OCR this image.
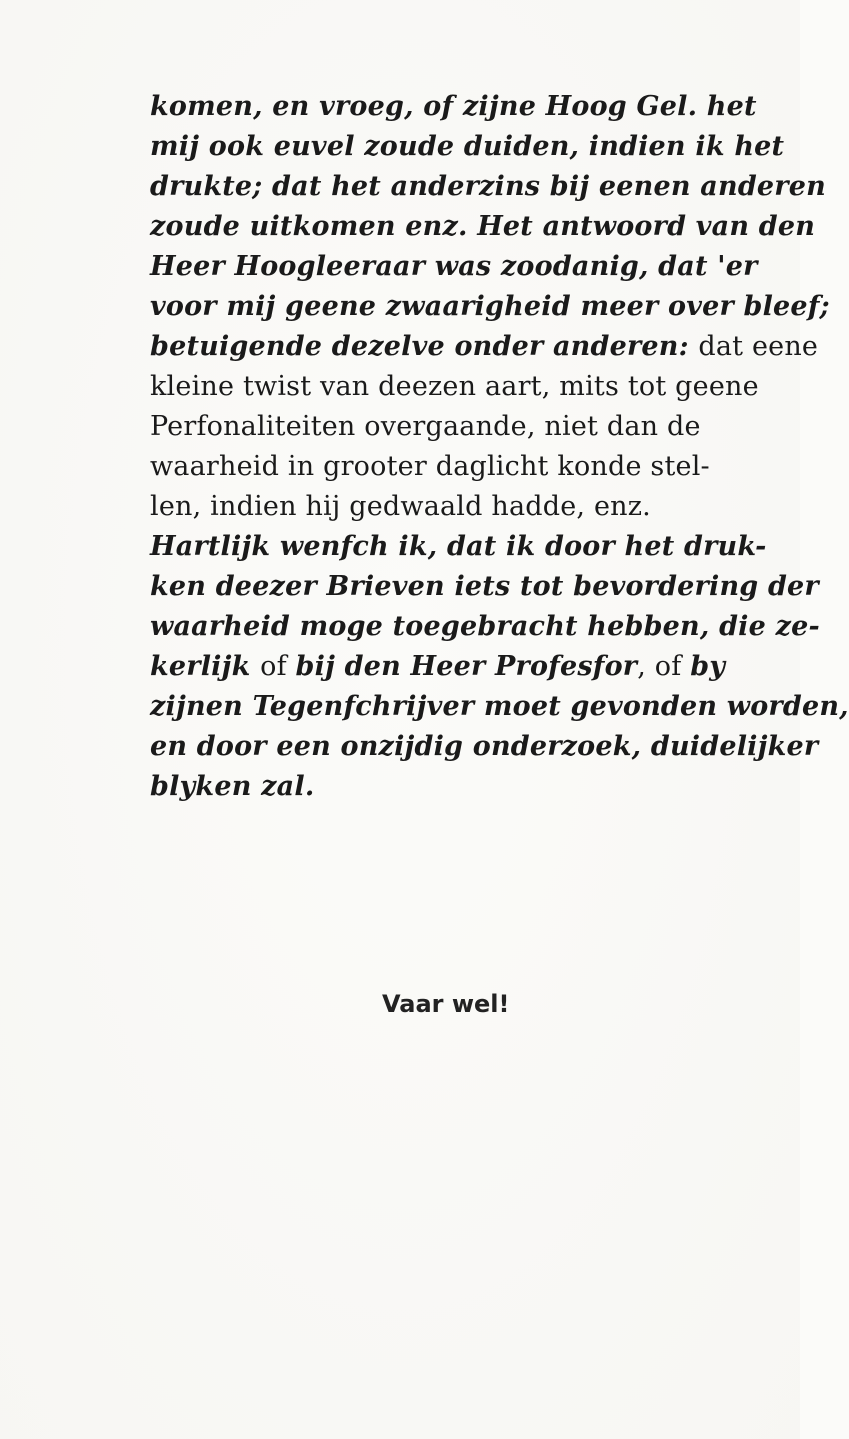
komen, en vroeg, of zijne Hoog Gel. het
mij ook euvel zoude duiden, indien ik het
drukte; dat het anderzins bij eenen anderen
zoude uitkomen enz. Het antwoord van den
Heer Hoogleeraar was zoodanig, dat 'er
voor mij geene zwaarigheid meer over bleef;
betuigende dezelve onder anderen: dat eene
kleine twist van deezen aart, mits tot geene
Perfonaliteiten overgaande, niet dan de
waarheid in grooter daglicht konde stel-
len, indien hij gedwaald hadde, enz.
Hartlijk wenfch ik, dat ik door het druk-
ken deezer Brieven iets tot bevordering der
waarheid moge toegebracht hebben, die ze-
kerlijk of bij den Heer Profesfor, of by
zijnen Tegenfchrijver moet gevonden worden,
en door een onzijdig onderzoek, duidelijker
blyken zal.
Vaar wel!
